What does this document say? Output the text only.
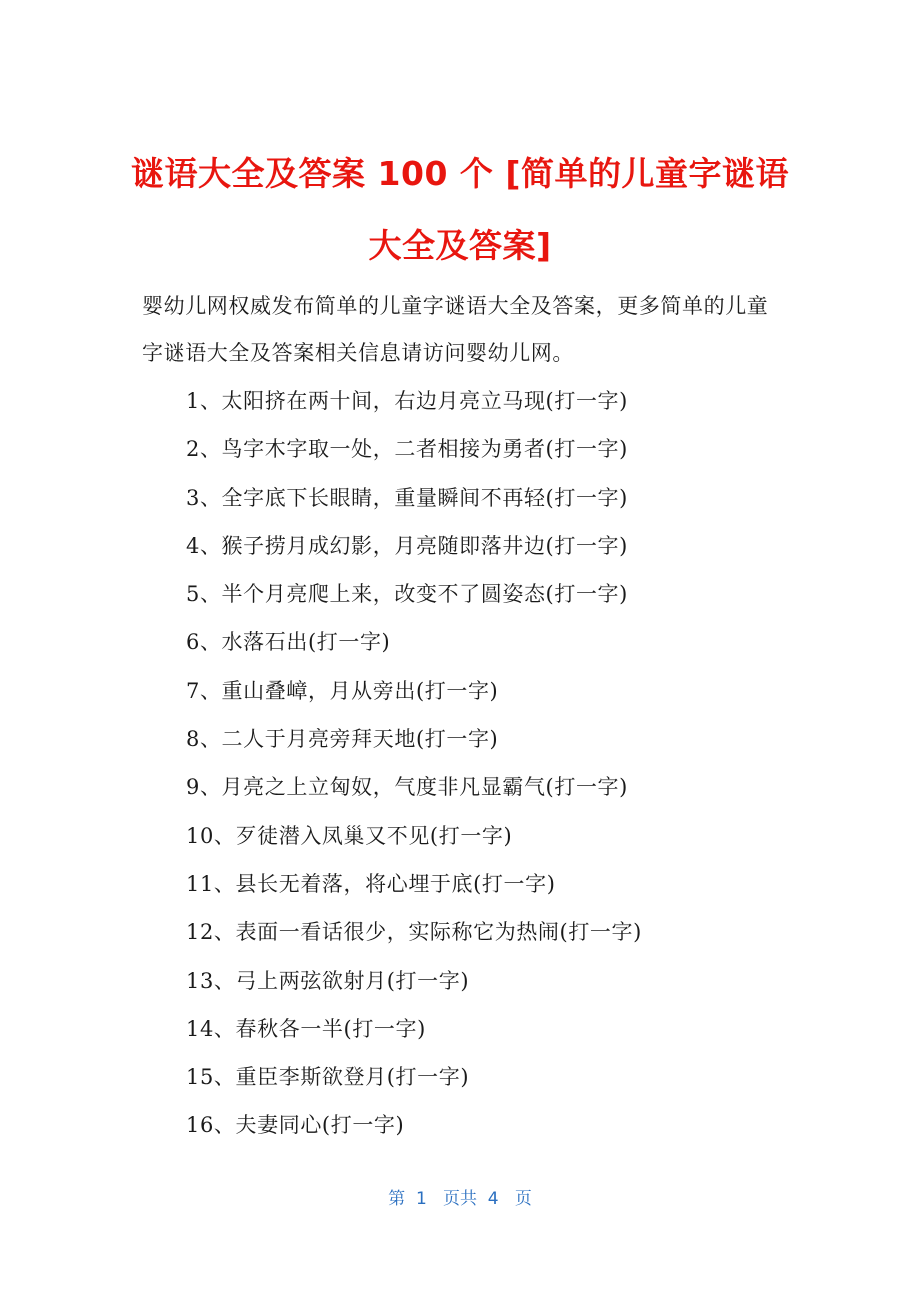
谜语大全及答案 100 个 [简单的儿童字谜语
大全及答案]
婴幼儿网权威发布简单的儿童字谜语大全及答案，更多简单的儿童字谜语大全及答案相关信息请访问婴幼儿网。
1、太阳挤在两十间，右边月亮立马现(打一字)
2、鸟字木字取一处，二者相接为勇者(打一字)
3、全字底下长眼睛，重量瞬间不再轻(打一字)
4、猴子捞月成幻影，月亮随即落井边(打一字)
5、半个月亮爬上来，改变不了圆姿态(打一字)
6、水落石出(打一字)
7、重山叠嶂，月从旁出(打一字)
8、二人于月亮旁拜天地(打一字)
9、月亮之上立匈奴，气度非凡显霸气(打一字)
10、歹徒潜入凤巢又不见(打一字)
11、县长无着落，将心埋于底(打一字)
12、表面一看话很少，实际称它为热闹(打一字)
13、弓上两弦欲射月(打一字)
14、春秋各一半(打一字)
15、重臣李斯欲登月(打一字)
16、夫妻同心(打一字)
第  1   页共  4   页
